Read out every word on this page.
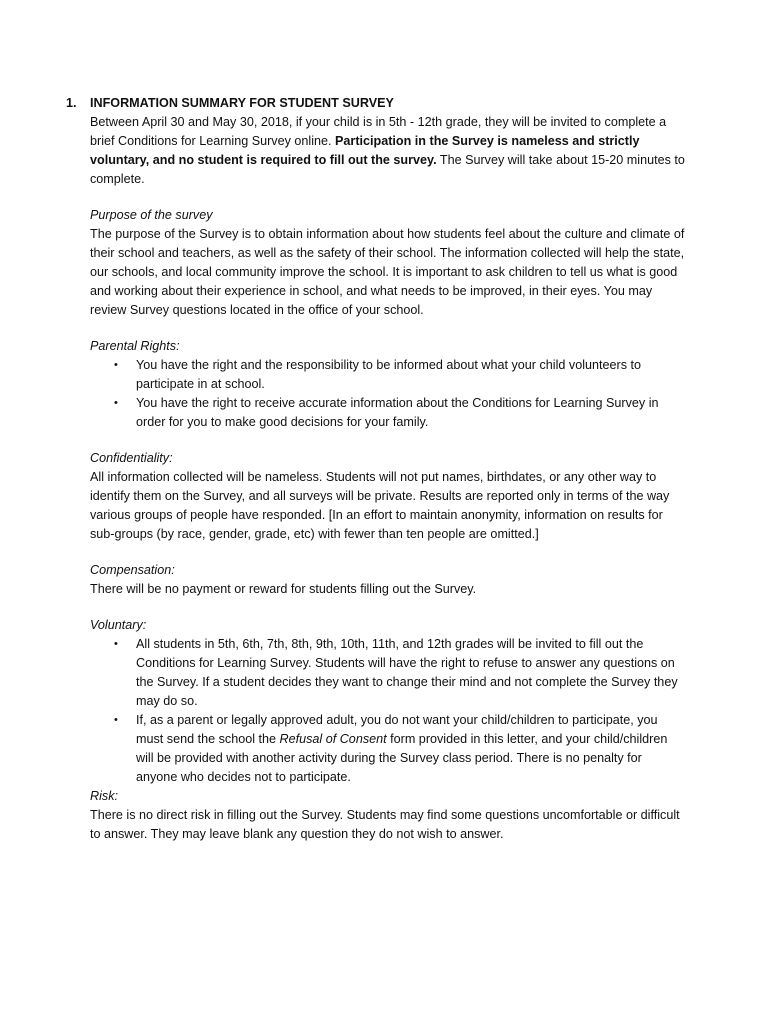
1. INFORMATION SUMMARY FOR STUDENT SURVEY

Between April 30 and May 30, 2018, if your child is in 5th - 12th grade, they will be invited to complete a brief Conditions for Learning Survey online. Participation in the Survey is nameless and strictly voluntary, and no student is required to fill out the survey. The Survey will take about 15-20 minutes to complete.

Purpose of the survey

The purpose of the Survey is to obtain information about how students feel about the culture and climate of their school and teachers, as well as the safety of their school. The information collected will help the state, our schools, and local community improve the school. It is important to ask children to tell us what is good and working about their experience in school, and what needs to be improved, in their eyes. You may review Survey questions located in the office of your school.

Parental Rights:

• You have the right and the responsibility to be informed about what your child volunteers to participate in at school.
• You have the right to receive accurate information about the Conditions for Learning Survey in order for you to make good decisions for your family.

Confidentiality:

All information collected will be nameless. Students will not put names, birthdates, or any other way to identify them on the Survey, and all surveys will be private. Results are reported only in terms of the way various groups of people have responded. [In an effort to maintain anonymity, information on results for sub-groups (by race, gender, grade, etc) with fewer than ten people are omitted.]

Compensation:

There will be no payment or reward for students filling out the Survey.

Voluntary:

• All students in 5th, 6th, 7th, 8th, 9th, 10th, 11th, and 12th grades will be invited to fill out the Conditions for Learning Survey. Students will have the right to refuse to answer any questions on the Survey. If a student decides they want to change their mind and not complete the Survey they may do so.
• If, as a parent or legally approved adult, you do not want your child/children to participate, you must send the school the Refusal of Consent form provided in this letter, and your child/children will be provided with another activity during the Survey class period. There is no penalty for anyone who decides not to participate.

Risk:

There is no direct risk in filling out the Survey. Students may find some questions uncomfortable or difficult to answer. They may leave blank any question they do not wish to answer.
